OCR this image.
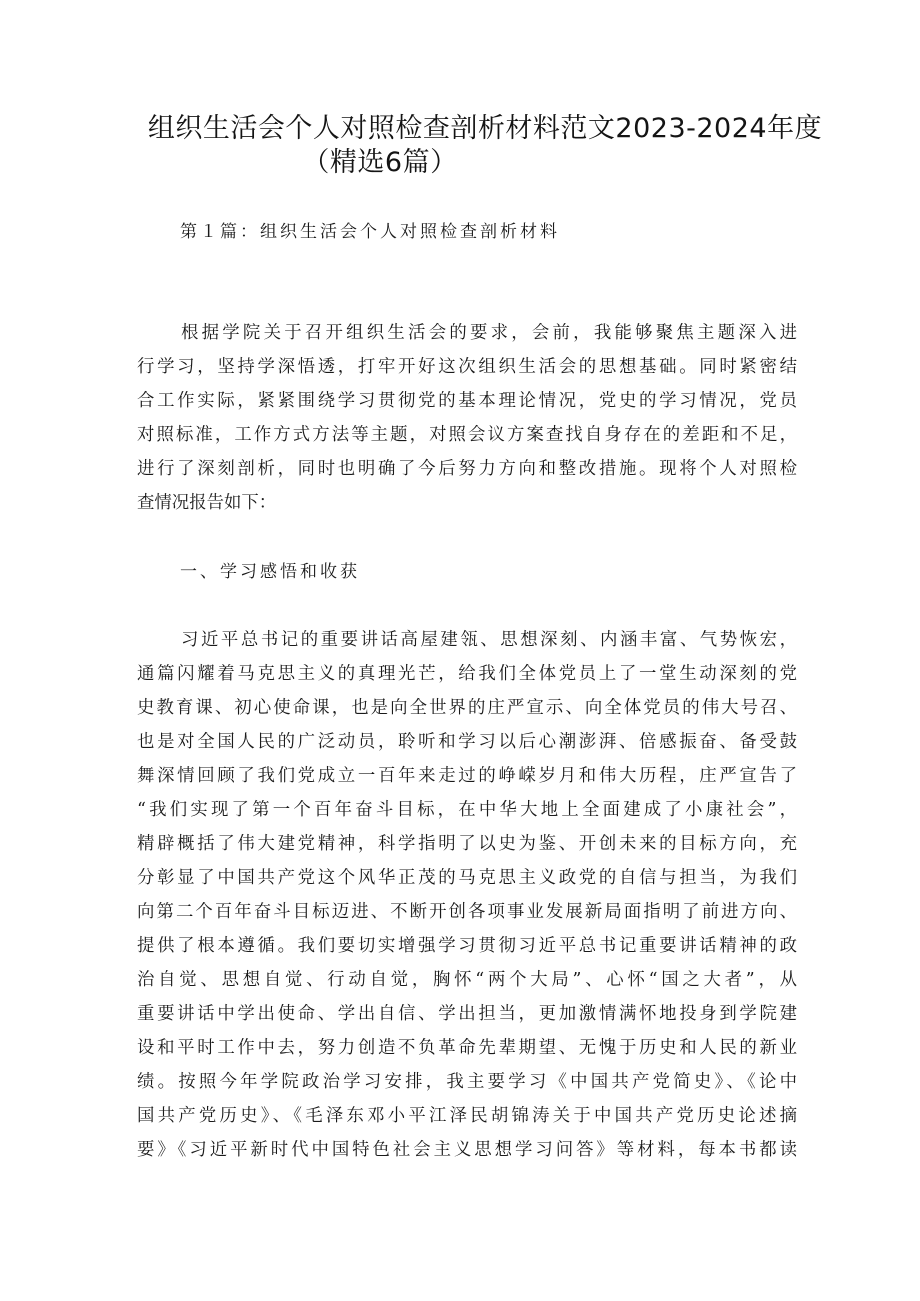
组织生活会个人对照检查剖析材料范文2023-2024年度
（精选6篇）
第１篇：组织生活会个人对照检查剖析材料
根据学院关于召开组织生活会的要求，会前，我能够聚焦主题深入进
行学习，坚持学深悟透，打牢开好这次组织生活会的思想基础。同时紧密结
合工作实际，紧紧围绕学习贯彻党的基本理论情况，党史的学习情况，党员
对照标准，工作方式方法等主题，对照会议方案查找自身存在的差距和不足，
进行了深刻剖析，同时也明确了今后努力方向和整改措施。现将个人对照检
查情况报告如下：
一、学习感悟和收获
习近平总书记的重要讲话高屋建瓴、思想深刻、内涵丰富、气势恢宏，
通篇闪耀着马克思主义的真理光芒，给我们全体党员上了一堂生动深刻的党
史教育课、初心使命课，也是向全世界的庄严宣示、向全体党员的伟大号召、
也是对全国人民的广泛动员，聆听和学习以后心潮澎湃、倍感振奋、备受鼓
舞深情回顾了我们党成立一百年来走过的峥嵘岁月和伟大历程，庄严宣告了
“我们实现了第一个百年奋斗目标，在中华大地上全面建成了小康社会”，
精辟概括了伟大建党精神，科学指明了以史为鉴、开创未来的目标方向，充
分彰显了中国共产党这个风华正茂的马克思主义政党的自信与担当，为我们
向第二个百年奋斗目标迈进、不断开创各项事业发展新局面指明了前进方向、
提供了根本遵循。我们要切实增强学习贯彻习近平总书记重要讲话精神的政
治自觉、思想自觉、行动自觉，胸怀“两个大局”、心怀“国之大者”，从
重要讲话中学出使命、学出自信、学出担当，更加激情满怀地投身到学院建
设和平时工作中去，努力创造不负革命先辈期望、无愧于历史和人民的新业
绩。按照今年学院政治学习安排，我主要学习《中国共产党简史》、《论中
国共产党历史》、《毛泽东邓小平江泽民胡锦涛关于中国共产党历史论述摘
要》《习近平新时代中国特色社会主义思想学习问答》等材料，每本书都读
